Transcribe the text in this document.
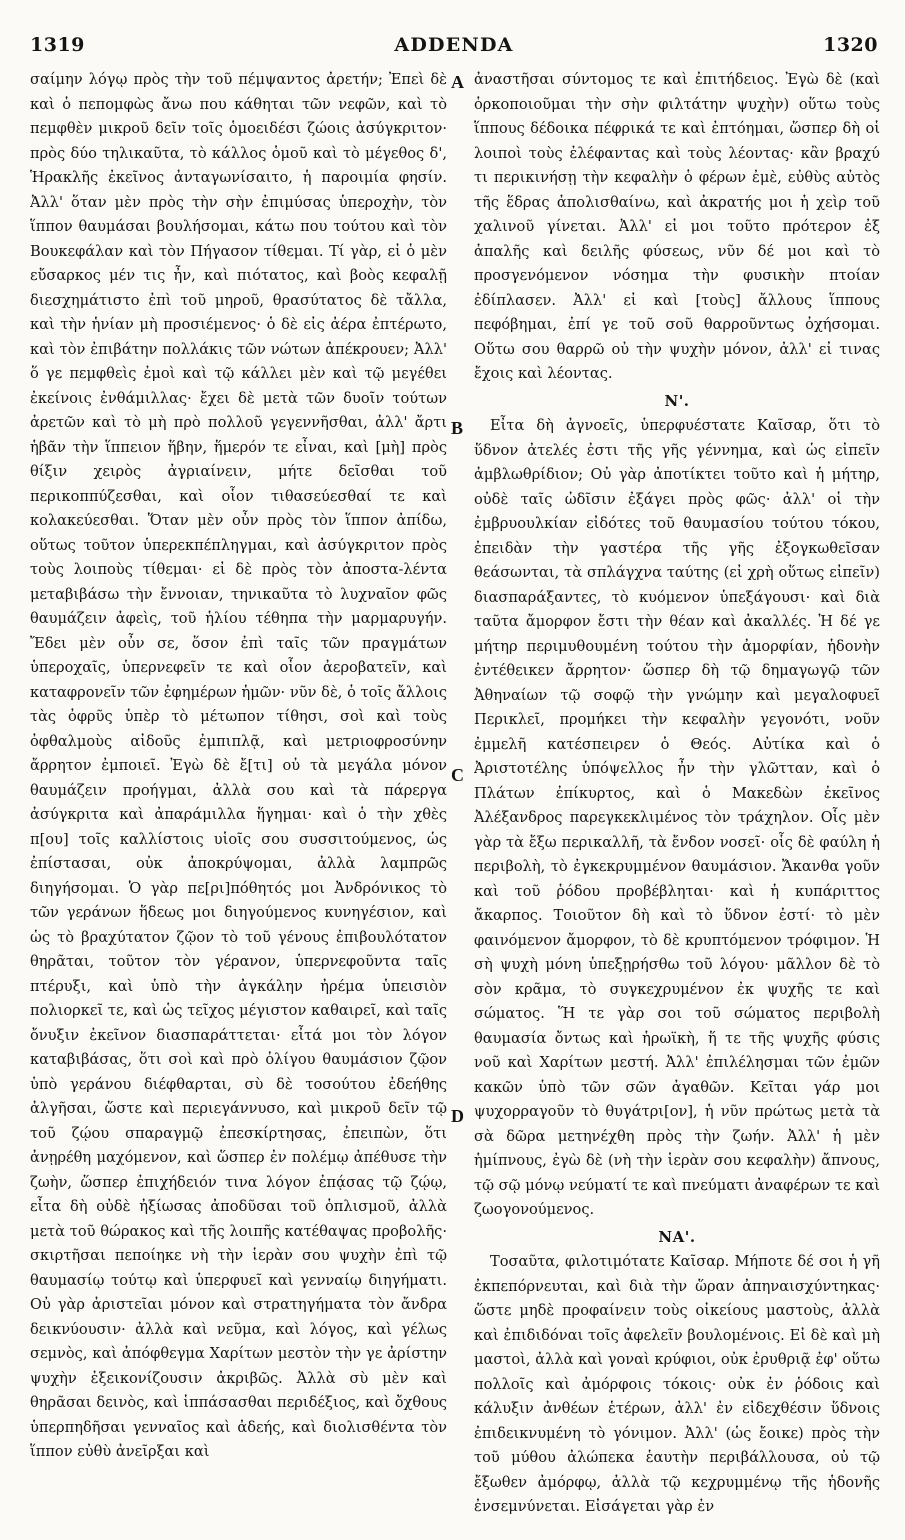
1319	ADDENDA	1320
A
B
C
D

σαίμην λόγῳ πρὸς τὴν τοῦ πέμψαντος ἀρετήν; Ἐπεὶ δὲ καὶ ὁ πεπομφὼς ἄνω που κάθηται τῶν νεφῶν, καὶ τὸ πεμφθὲν μικροῦ δεῖν τοῖς ὁμοειδέσι ζώοις ἀσύγκριτον· πρὸς δύο τηλικαῦτα, τὸ κάλλος ὁμοῦ καὶ τὸ μέγεθος δ', Ἡρακλῆς ἐκεῖνος ἀνταγωνίσαιτο, ἡ παροιμία φησίν. Ἀλλ' ὅταν μὲν πρὸς τὴν σὴν ἐπιμύσας ὑπεροχὴν, τὸν ἵππον θαυμάσαι βουλήσομαι, κάτω που τούτου καὶ τὸν Βουκεφάλαν καὶ τὸν Πήγασον τίθεμαι. Τί γὰρ, εἰ ὁ μὲν εὔσαρκος μέν τις ἦν, καὶ πιότατος, καὶ βοὸς κεφαλῇ διεσχημάτιστο ἐπὶ τοῦ μηροῦ, θρασύτατος δὲ τἄλλα, καὶ τὴν ἡνίαν μὴ προσιέμενος· ὁ δὲ εἰς ἀέρα ἐπτέρωτο, καὶ τὸν ἐπιβάτην πολλάκις τῶν νώτων ἀπέκρουεν; Ἀλλ' ὅ γε πεμφθεὶς ἐμοὶ καὶ τῷ κάλλει μὲν καὶ τῷ μεγέθει ἐκείνοις ἐνθάμιλλας· ἔχει δὲ μετὰ τῶν δυοῖν τούτων ἀρετῶν καὶ τὸ μὴ πρὸ πολλοῦ γεγεννῆσθαι, ἀλλ' ἄρτι ἡβᾶν τὴν ἵππειον ἥβην, ἥμερόν τε εἶναι, καὶ [μὴ] πρὸς θίξιν χειρὸς ἀγριαίνειν, μήτε δεῖσθαι τοῦ περικοππύζεσθαι, καὶ οἷον τιθασεύεσθαί τε καὶ κολακεύεσθαι. Ὅταν μὲν οὖν πρὸς τὸν ἵππον ἀπίδω, οὕτως τοῦτον ὑπερεκπέπληγμαι, καὶ ἀσύγκριτον πρὸς τοὺς λοιποὺς τίθεμαι· εἰ δὲ πρὸς τὸν ἀποστα-λέντα μεταβιβάσω τὴν ἔννοιαν, τηνικαῦτα τὸ λυχναῖον φῶς θαυμάζειν ἀφεὶς, τοῦ ἡλίου τέθηπα τὴν μαρμαρυγήν. Ἔδει μὲν οὖν σε, ὅσον ἐπὶ ταῖς τῶν πραγμάτων ὑπεροχαῖς, ὑπερνεφεῖν τε καὶ οἷον ἀεροβατεῖν, καὶ καταφρονεῖν τῶν ἐφημέρων ἡμῶν· νῦν δὲ, ὁ τοῖς ἄλλοις τὰς ὀφρῦς ὑπὲρ τὸ μέτωπον τίθησι, σοὶ καὶ τοὺς ὀφθαλμοὺς αἰδοῦς ἐμπιπλᾷ, καὶ μετριοφροσύνην ἄρρητον ἐμποιεῖ. Ἐγὼ δὲ ἔ[τι] οὐ τὰ μεγάλα μόνον θαυμάζειν προήγμαι, ἀλλὰ σου καὶ τὰ πάρεργα ἀσύγκριτα καὶ ἀπαράμιλλα ἥγημαι· καὶ ὁ τὴν χθὲς π[ου] τοῖς καλλίστοις υἱοῖς σου συσσιτούμενος, ὡς ἐπίστασαι, οὐκ ἀποκρύψομαι, ἀλλὰ λαμπρῶς διηγήσομαι. Ὁ γὰρ πε[ρι]πόθητός μοι Ἀνδρόνικος τὸ τῶν γεράνων ἥδεως μοι διηγούμενος κυνηγέσιον, καὶ ὡς τὸ βραχύτατον ζῷον τὸ τοῦ γένους ἐπιβουλότατον θηρᾶται, τοῦτον τὸν γέρανον, ὑπερνεφοῦντα ταῖς πτέρυξι, καὶ ὑπὸ τὴν ἀγκάλην ἠρέμα ὑπεισιὸν πολιορκεῖ τε, καὶ ὡς τεῖχος μέγιστον καθαιρεῖ, καὶ ταῖς ὄνυξιν ἐκεῖνον διασπαράττεται· εἶτά μοι τὸν λόγον καταβιβάσας, ὅτι σοὶ καὶ πρὸ ὀλίγου θαυμάσιον ζῷον ὑπὸ γεράνου διέφθαρται, σὺ δὲ τοσούτου ἐδεήθης ἀλγῆσαι, ὥστε καὶ περιεγάννυσο, καὶ μικροῦ δεῖν τῷ τοῦ ζῴου σπαραγμῷ ἐπεσκίρτησας, ἐπειπὼν, ὅτι ἀνῃρέθη μαχόμενον, καὶ ὥσπερ ἐν πολέμῳ ἀπέθυσε τὴν ζωὴν, ὥσπερ ἐπιχήδειόν τινα λόγον ἐπᾴσας τῷ ζῴῳ, εἶτα δὴ οὐδὲ ἠξίωσας ἀποδῦσαι τοῦ ὁπλισμοῦ, ἀλλὰ μετὰ τοῦ θώρακος καὶ τῆς λοιπῆς κατέθαψας προβολῆς· σκιρτῆσαι πεποίηκε νὴ τὴν ἱερὰν σου ψυχὴν ἐπὶ τῷ θαυμασίῳ τούτῳ καὶ ὑπερφυεῖ καὶ γενναίῳ διηγήματι. Οὐ γὰρ ἀριστεῖαι μόνον καὶ στρατηγήματα τὸν ἄνδρα δεικνύουσιν· ἀλλὰ καὶ νεῦμα, καὶ λόγος, καὶ γέλως σεμνὸς, καὶ ἀπόφθεγμα Χαρίτων μεστὸν τὴν γε ἀρίστην ψυχὴν ἐξεικονίζουσιν ἀκριβῶς. Ἀλλὰ σὺ μὲν καὶ θηρᾶσαι δεινὸς, καὶ ἱππάσασθαι περιδέξιος, καὶ ὄχθους ὑπερπηδῆσαι γενναῖος καὶ ἀδεής, καὶ διολισθέντα τὸν ἵππον εὐθὺ ἀνεῖρξαι καὶ

ἀναστῆσαι σύντομος τε καὶ ἐπιτήδειος. Ἐγὼ δὲ (καὶ ὁρκοποιοῦμαι τὴν σὴν φιλτάτην ψυχὴν) οὕτω τοὺς ἵππους δέδοικα πέφρικά τε καὶ ἐπτόημαι, ὥσπερ δὴ οἱ λοιποὶ τοὺς ἐλέφαντας καὶ τοὺς λέοντας· κἂν βραχύ τι περικινήσῃ τὴν κεφαλὴν ὁ φέρων ἐμὲ, εὐθὺς αὐτὸς τῆς ἕδρας ἀπολισθαίνω, καὶ ἀκρατής μοι ἡ χεὶρ τοῦ χαλινοῦ γίνεται. Ἀλλ' εἰ μοι τοῦτο πρότερον ἐξ ἁπαλῆς καὶ δειλῆς φύσεως, νῦν δέ μοι καὶ τὸ προσγενόμενον νόσημα τὴν φυσικὴν πτοίαν ἐδίπλασεν. Ἀλλ' εἰ καὶ [τοὺς] ἄλλους ἵππους πεφόβημαι, ἐπί γε τοῦ σοῦ θαρροῦντως ὀχήσομαι. Οὕτω σου θαρρῶ οὐ τὴν ψυχὴν μόνον, ἀλλ' εἰ τινας ἔχοις καὶ λέοντας.

Ν'.

Εἶτα δὴ ἀγνοεῖς, ὑπερφυέστατε Καῖσαρ, ὅτι τὸ ὕδνον ἀτελές ἐστι τῆς γῆς γέννημα, καὶ ὡς εἰπεῖν ἀμβλωθρίδιον; Οὐ γὰρ ἀποτίκτει τοῦτο καὶ ἡ μήτηρ, οὐδὲ ταῖς ὠδῖσιν ἐξάγει πρὸς φῶς· ἀλλ' οἱ τὴν ἐμβρυουλκίαν εἰδότες τοῦ θαυμασίου τούτου τόκου, ἐπειδὰν τὴν γαστέρα τῆς γῆς ἐξογκωθεῖσαν θεάσωνται, τὰ σπλάγχνα ταύτης (εἰ χρὴ οὕτως εἰπεῖν) διασπαράξαντες, τὸ κυόμενον ὑπεξάγουσι· καὶ διὰ ταῦτα ἄμορφον ἔστι τὴν θέαν καὶ ἀκαλλές. Ἡ δέ γε μήτηρ περιμυθουμένη τούτου τὴν ἀμορφίαν, ἡδονὴν ἐντέθεικεν ἄρρητον· ὥσπερ δὴ τῷ δημαγωγῷ τῶν Ἀθηναίων τῷ σοφῷ τὴν γνώμην καὶ μεγαλοφυεῖ Περικλεῖ, προμήκει τὴν κεφαλὴν γεγονότι, νοῦν ἐμμελῆ κατέσπειρεν ὁ Θεός. Αὐτίκα καὶ ὁ Ἀριστοτέλης ὑπόψελλος ἦν τὴν γλῶτταν, καὶ ὁ Πλάτων ἐπίκυρτος, καὶ ὁ Μακεδὼν ἐκεῖνος Ἀλέξανδρος παρεγκεκλιμένος τὸν τράχηλον. Οἷς μὲν γὰρ τὰ ἔξω περικαλλῆ, τὰ ἔνδον νοσεῖ· οἷς δὲ φαύλη ἡ περιβολὴ, τὸ ἐγκεκρυμμένον θαυμάσιον. Ἄκανθα γοῦν καὶ τοῦ ῥόδου προβέβληται· καὶ ἡ κυπάριττος ἄκαρπος. Τοιοῦτον δὴ καὶ τὸ ὕδνον ἐστί· τὸ μὲν φαινόμενον ἄμορφον, τὸ δὲ κρυπτόμενον τρόφιμον. Ἡ σὴ ψυχὴ μόνη ὑπεξῃρήσθω τοῦ λόγου· μᾶλλον δὲ τὸ σὸν κρᾶμα, τὸ συγκεχρυμένον ἐκ ψυχῆς τε καὶ σώματος. Ἥ τε γὰρ σοι τοῦ σώματος περιβολὴ θαυμασία ὄντως καὶ ἡρωϊκὴ, ἥ τε τῆς ψυχῆς φύσις νοῦ καὶ Χαρίτων μεστή. Ἀλλ' ἐπιλέλησμαι τῶν ἐμῶν κακῶν ὑπὸ τῶν σῶν ἀγαθῶν. Κεῖται γάρ μοι ψυχορραγοῦν τὸ θυγάτρι[ον], ἡ νῦν πρώτως μετὰ τὰ σὰ δῶρα μετηνέχθη πρὸς τὴν ζωήν. Ἀλλ' ἡ μὲν ἡμίπνους, ἐγὼ δὲ (νὴ τὴν ἱερὰν σου κεφαλὴν) ἄπνους, τῷ σῷ μόνῳ νεύματί τε καὶ πνεύματι ἀναφέρων τε καὶ ζωογονούμενος.

ΝΑ'.

Τοσαῦτα, φιλοτιμότατε Καῖσαρ. Μήποτε δέ σοι ἡ γῆ ἐκπεπόρνευται, καὶ διὰ τὴν ὥραν ἀπηναισχύντηκας· ὥστε μηδὲ προφαίνειν τοὺς οἰκείους μαστοὺς, ἀλλὰ καὶ ἐπιδιδόναι τοῖς ἀφελεῖν βουλομένοις. Εἰ δὲ καὶ μὴ μαστοὶ, ἀλλὰ καὶ γοναὶ κρύφιοι, οὐκ ἐρυθριᾷ ἐφ' οὕτω πολλοῖς καὶ ἀμόρφοις τόκοις· οὐκ ἐν ῥόδοις καὶ κάλυξιν ἀνθέων ἑτέρων, ἀλλ' ἐν εἰδεχθέσιν ὕδνοις ἐπιδεικνυμένη τὸ γόνιμον. Ἀλλ' (ὡς ἔοικε) πρὸς τὴν τοῦ μύθου ἀλώπεκα ἑαυτὴν περιβάλλουσα, οὐ τῷ ἔξωθεν ἀμόρφῳ, ἀλλὰ τῷ κεχρυμμένῳ τῆς ἡδονῆς ἐνσεμνύνεται. Εἰσάγεται γὰρ ἐν
